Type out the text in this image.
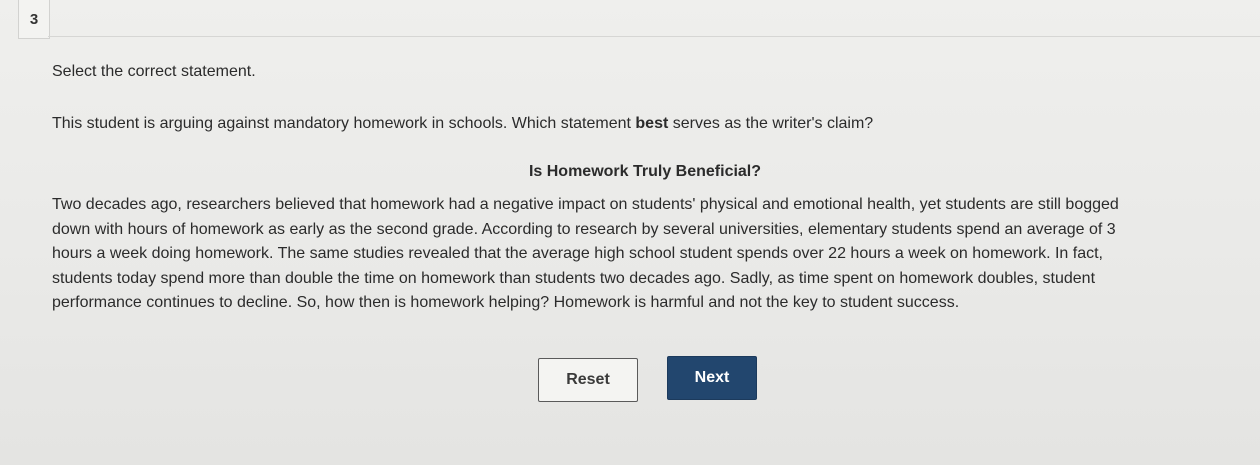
3
Select the correct statement.
This student is arguing against mandatory homework in schools. Which statement best serves as the writer's claim?
Is Homework Truly Beneficial?
Two decades ago, researchers believed that homework had a negative impact on students' physical and emotional health, yet students are still bogged
down with hours of homework as early as the second grade. According to research by several universities, elementary students spend an average of 3
hours a week doing homework. The same studies revealed that the average high school student spends over 22 hours a week on homework. In fact,
students today spend more than double the time on homework than students two decades ago. Sadly, as time spent on homework doubles, student
performance continues to decline. So, how then is homework helping? Homework is harmful and not the key to student success.
Reset	Next
